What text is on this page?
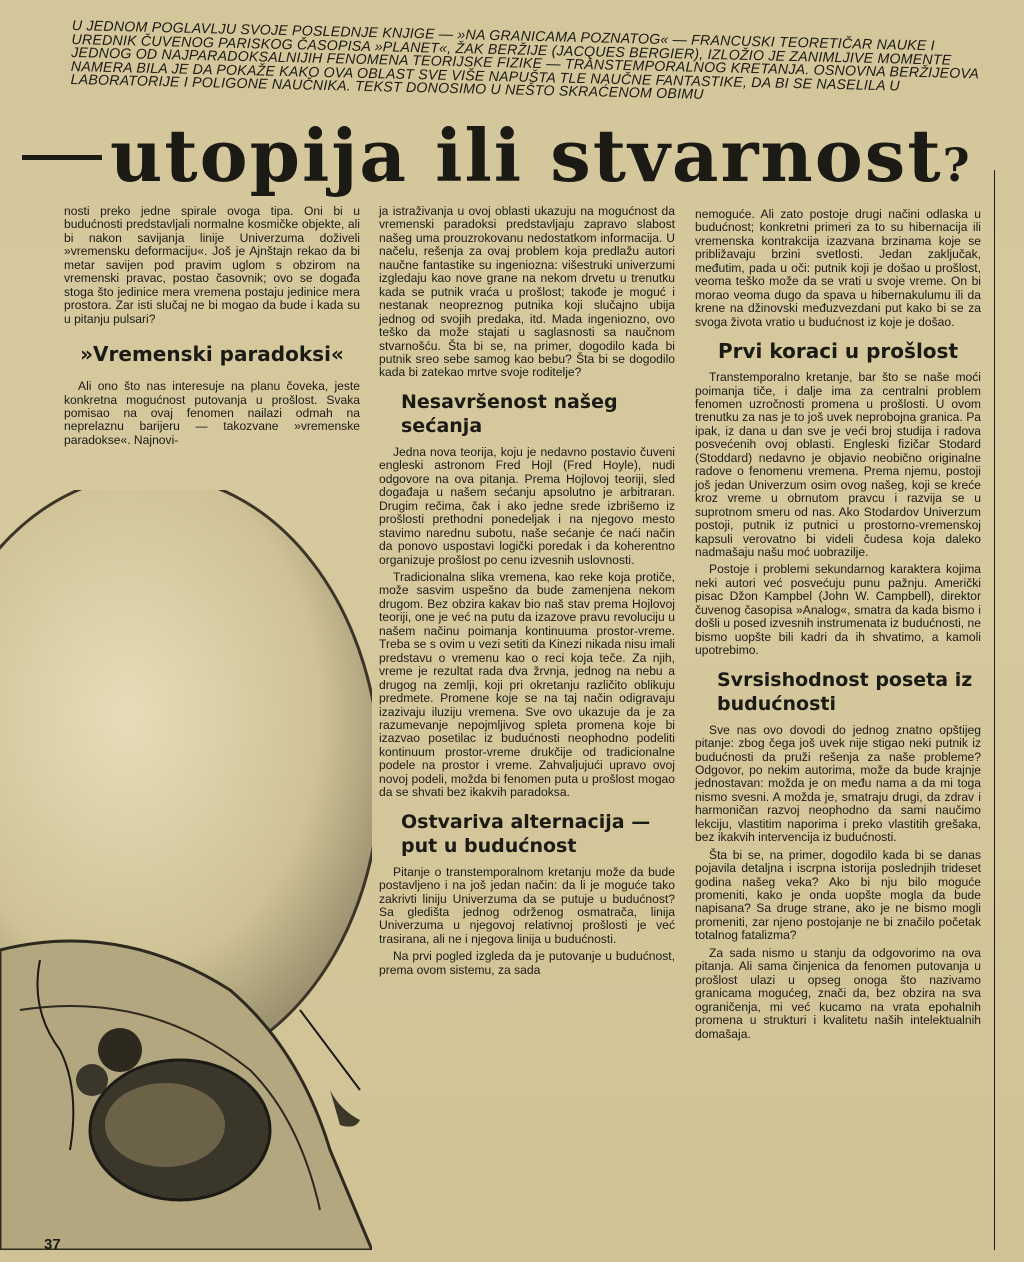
U JEDNOM POGLAVLJU SVOJE POSLEDNJE KNJIGE — »NA GRANICAMA POZNATOG« — FRANCUSKI TEORETIČAR NAUKE I UREDNIK ČUVENOG PARISKOG ČASOPISA »PLANET«, ŽAK BERŽIJE (JACQUES BERGIER), IZLOŽIO JE ZANIMLJIVE MOMENTE JEDNOG OD NAJPARADOKSALNIJIH FENOMENA TEORIJSKE FIZIKE — TRANSTEMPORALNOG KRETANJA. OSNOVNA BERŽIJEOVA NAMERA BILA JE DA POKAŽE KAKO OVA OBLAST SVE VIŠE NAPUŠTA TLE NAUČNE FANTASTIKE, DA BI SE NASELILA U LABORATORIJE I POLIGONE NAUČNIKA. TEKST DONOSIMO U NEŠTO SKRAĆENOM OBIMU

utopija ili stvarnost?

nosti preko jedne spirale ovoga tipa. Oni bi u budućnosti predstavljali normalne kosmičke objekte, ali bi nakon savijanja linije Univerzuma doživeli »vremensku deformaciju«. Još je Ajnštajn rekao da bi metar savijen pod pravim uglom s obzirom na vremenski pravac, postao časovnik; ovo se događa stoga što jedinice mera vremena postaju jedinice mera prostora. Zar isti slučaj ne bi mogao da bude i kada su u pitanju pulsari?

»Vremenski paradoksi«

Ali ono što nas interesuje na planu čoveka, jeste konkretna mogućnost putovanja u prošlost. Svaka pomisao na ovaj fenomen nailazi odmah na neprelaznu barijeru — takozvane »vremenske paradokse«. Najnovi-

ja istraživanja u ovoj oblasti ukazuju na mogućnost da vremenski paradoksi predstavljaju zapravo slabost našeg uma prouzrokovanu nedostatkom informacija. U načelu, rešenja za ovaj problem koja predlažu autori naučne fantastike su ingeniozna: višestruki univerzumi izgledaju kao nove grane na nekom drvetu u trenutku kada se putnik vraća u prošlost; takođe je moguć i nestanak neopreznog putnika koji slučajno ubija jednog od svojih predaka, itd. Mada ingeniozno, ovo teško da može stajati u saglasnosti sa naučnom stvarnošću. Šta bi se, na primer, dogodilo kada bi putnik sreo sebe samog kao bebu? Šta bi se dogodilo kada bi zatekao mrtve svoje roditelje?

Nesavršenost našeg sećanja

Jedna nova teorija, koju je nedavno postavio čuveni engleski astronom Fred Hojl (Fred Hoyle), nudi odgovore na ova pitanja. Prema Hojlovoj teoriji, sled događaja u našem sećanju apsolutno je arbitraran. Drugim rečima, čak i ako jedne srede izbrišemo iz prošlosti prethodni ponedeljak i na njegovo mesto stavimo narednu subotu, naše sećanje će naći način da ponovo uspostavi logički poredak i da koherentno organizuje prošlost po cenu izvesnih uslovnosti.

Tradicionalna slika vremena, kao reke koja protiče, može sasvim uspešno da bude zamenjena nekom drugom. Bez obzira kakav bio naš stav prema Hojlovoj teoriji, one je već na putu da izazove pravu revoluciju u našem načinu poimanja kontinuuma prostor-vreme. Treba se s ovim u vezi setiti da Kinezi nikada nisu imali predstavu o vremenu kao o reci koja teče. Za njih, vreme je rezultat rada dva žrvnja, jednog na nebu a drugog na zemlji, koji pri okretanju različito oblikuju predmete. Promene koje se na taj način odigravaju izazivaju iluziju vremena. Sve ovo ukazuje da je za razumevanje nepojmljivog spleta promena koje bi izazvao posetilac iz budućnosti neophodno podeliti kontinuum prostor-vreme drukčije od tradicionalne podele na prostor i vreme. Zahvaljujući upravo ovoj novoj podeli, možda bi fenomen puta u prošlost mogao da se shvati bez ikakvih paradoksa.

Ostvariva alternacija — put u budućnost

Pitanje o transtemporalnom kretanju može da bude postavljeno i na još jedan način: da li je moguće tako zakrivti liniju Univerzuma da se putuje u budućnost? Sa gledišta jednog održenog osmatrača, linija Univerzuma u njegovoj relativnoj prošlosti je već trasirana, ali ne i njegova linija u budućnosti.

Na prvi pogled izgleda da je putovanje u budućnost, prema ovom sistemu, za sada

nemoguće. Ali zato postoje drugi načini odlaska u budućnost; konkretni primeri za to su hibernacija ili vremenska kontrakcija izazvana brzinama koje se približavaju brzini svetlosti. Jedan zaključak, međutim, pada u oči: putnik koji je došao u prošlost, veoma teško može da se vrati u svoje vreme. On bi morao veoma dugo da spava u hibernakulumu ili da krene na džinovski međuzvezdani put kako bi se za svoga života vratio u budućnost iz koje je došao.

Prvi koraci u prošlost

Transtemporalno kretanje, bar što se naše moći poimanja tiče, i dalje ima za centralni problem fenomen uzročnosti promena u prošlosti. U ovom trenutku za nas je to još uvek neprobojna granica. Pa ipak, iz dana u dan sve je veći broj studija i radova posvećenih ovoj oblasti. Engleski fizičar Stodard (Stoddard) nedavno je objavio neobično originalne radove o fenomenu vremena. Prema njemu, postoji još jedan Univerzum osim ovog našeg, koji se kreće kroz vreme u obrnutom pravcu i razvija se u suprotnom smeru od nas. Ako Stodardov Univerzum postoji, putnik iz putnici u prostorno-vremenskoj kapsuli verovatno bi videli čudesa koja daleko nadmašaju našu moć uobrazilje.

Postoje i problemi sekundarnog karaktera kojima neki autori već posvećuju punu pažnju. Američki pisac Džon Kampbel (John W. Campbell), direktor čuvenog časopisa »Analog«, smatra da kada bismo i došli u posed izvesnih instrumenata iz budućnosti, ne bismo uopšte bili kadri da ih shvatimo, a kamoli upotrebimo.

Svrsishodnost poseta iz budućnosti

Sve nas ovo dovodi do jednog znatno opštijeg pitanje: zbog čega još uvek nije stigao neki putnik iz budućnosti da pruži rešenja za naše probleme? Odgovor, po nekim autorima, može da bude krajnje jednostavan: možda je on među nama a da mi toga nismo svesni. A možda je, smatraju drugi, da zdrav i harmoničan razvoj neophodno da sami naučimo lekciju, vlastitim naporima i preko vlastitih grešaka, bez ikakvih intervencija iz budućnosti.

Šta bi se, na primer, dogodilo kada bi se danas pojavila detaljna i iscrpna istorija poslednjih trideset godina našeg veka? Ako bi nju bilo moguće promeniti, kako je onda uopšte mogla da bude napisana? Sa druge strane, ako je ne bismo mogli promeniti, zar njeno postojanje ne bi značilo početak totalnog fatalizma?

Za sada nismo u stanju da odgovorimo na ova pitanja. Ali sama činjenica da fenomen putovanja u prošlost ulazi u opseg onoga što nazivamo granicama mogućeg, znači da, bez obzira na sva ograničenja, mi već kucamo na vrata epohalnih promena u strukturi i kvalitetu naših intelektualnih domašaja.

37
